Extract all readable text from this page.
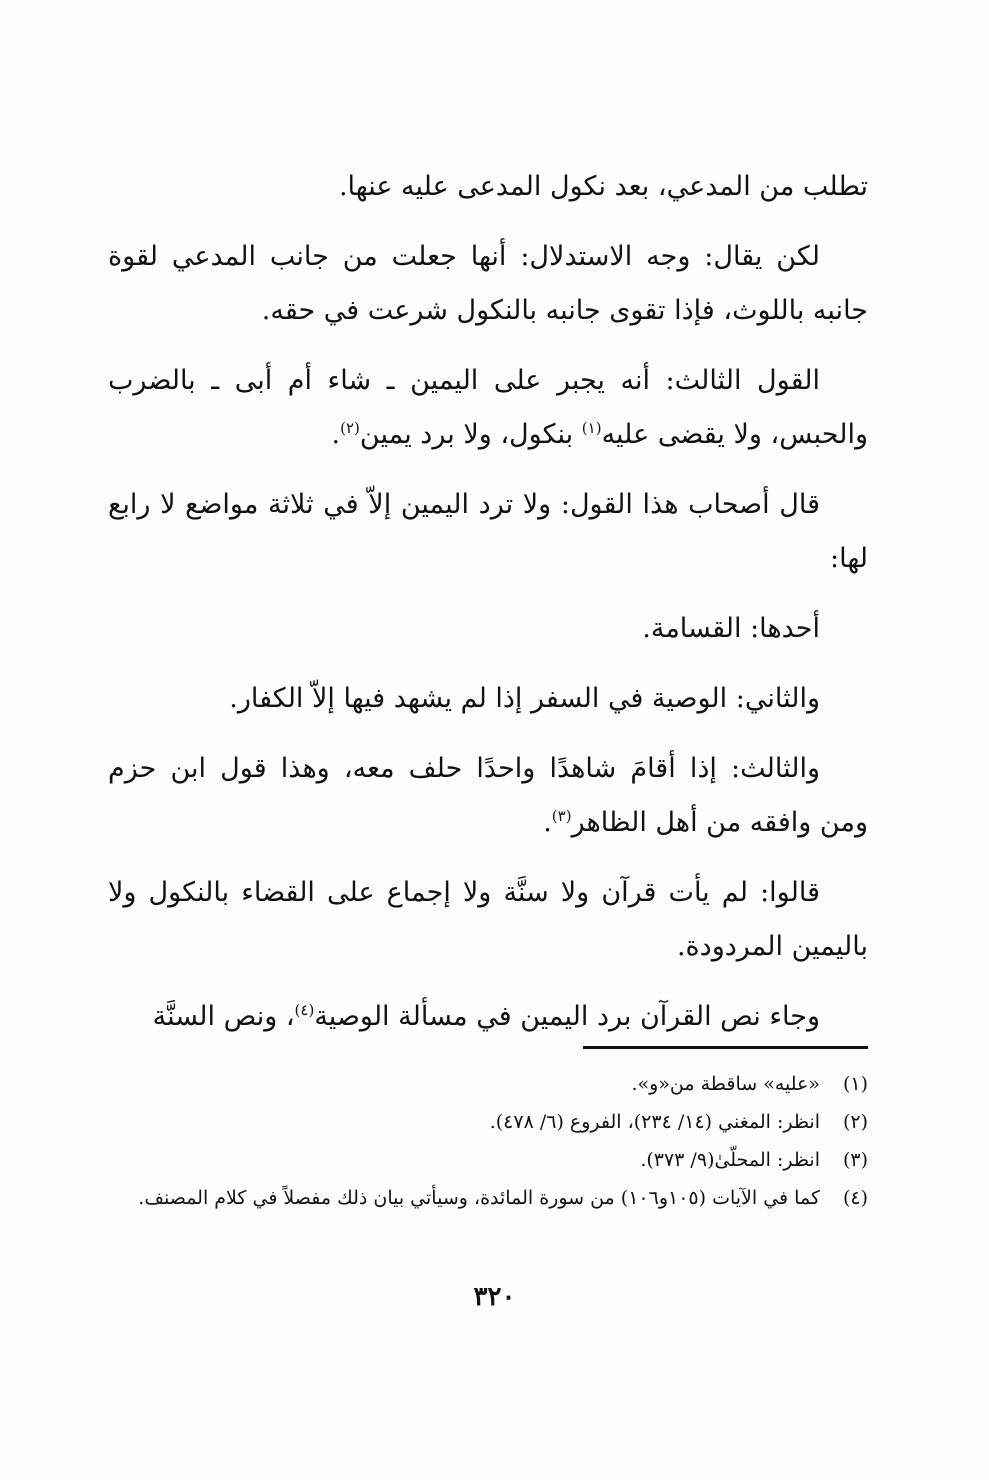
تطلب من المدعي، بعد نكول المدعى عليه عنها.

لكن يقال: وجه الاستدلال: أنها جعلت من جانب المدعي لقوة جانبه باللوث، فإذا تقوى جانبه بالنكول شرعت في حقه.

القول الثالث: أنه يجبر على اليمين ـ شاء أم أبى ـ بالضرب والحبس، ولا يقضى عليه$^{(١)}$ بنكول، ولا برد يمين$^{(٢)}$.

قال أصحاب هذا القول: ولا ترد اليمين إلاّ في ثلاثة مواضع لا رابع لها:

أحدها: القسامة.

والثاني: الوصية في السفر إذا لم يشهد فيها إلاّ الكفار.

والثالث: إذا أقامَ شاهدًا واحدًا حلف معه، وهذا قول ابن حزم ومن وافقه من أهل الظاهر$^{(٣)}$.

قالوا: لم يأت قرآن ولا سنَّة ولا إجماع على القضاء بالنكول ولا باليمين المردودة.

وجاء نص القرآن برد اليمين في مسألة الوصية$^{(٤)}$، ونص السنَّة

(١)
«عليه» ساقطة من«و».
(٢)
انظر: المغني (١٤/ ٢٣٤)، الفروع (٦/ ٤٧٨).
(٣)
انظر: المحلّىٰ(٩/ ٣٧٣).
(٤)
كما في الآيات (١٠٥و١٠٦) من سورة المائدة، وسيأتي بيان ذلك مفصلاً في كلام المصنف.
٣٢٠
